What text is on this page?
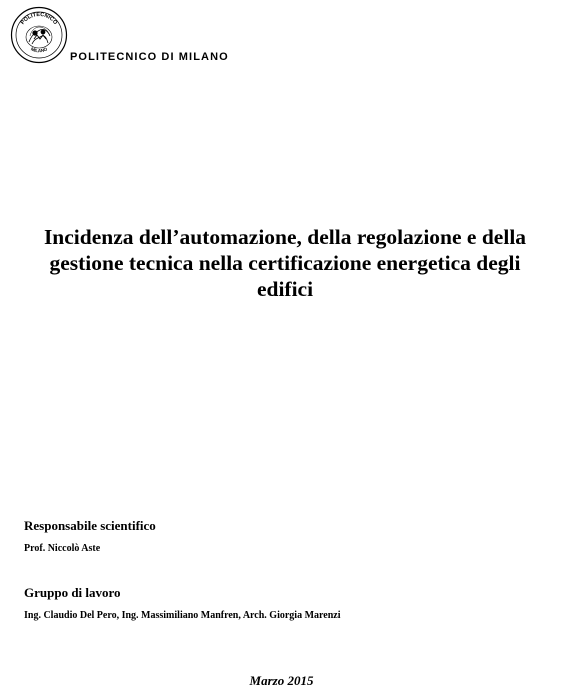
POLITECNICO
MILANO
POLITECNICO DI MILANO
Incidenza dell’automazione, della regolazione e della
gestione tecnica nella certificazione energetica degli
edifici
Responsabile scientifico
Prof. Niccolò Aste
Gruppo di lavoro
Ing. Claudio Del Pero, Ing. Massimiliano Manfren, Arch. Giorgia Marenzi
Marzo 2015
